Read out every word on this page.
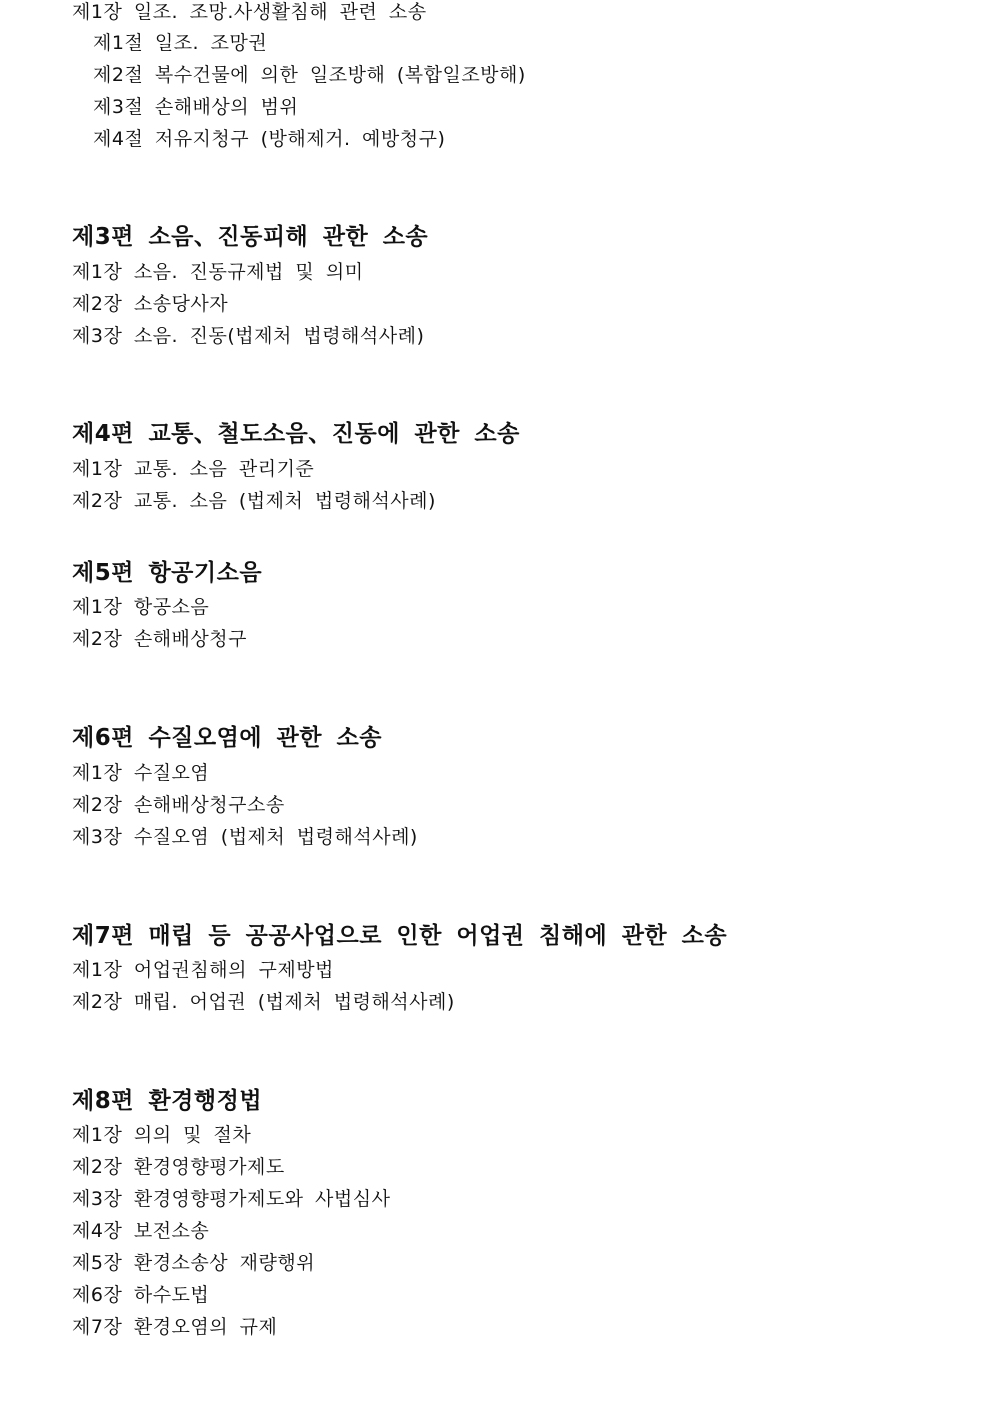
제1장 일조. 조망.사생활침해 관련 소송
제1절 일조. 조망권
제2절 복수건물에 의한 일조방해 (복합일조방해)
제3절 손해배상의 범위
제4절 저유지청구 (방해제거. 예방청구)
제3편 소음、진동피해 관한 소송
제1장 소음. 진동규제법 및 의미
제2장 소송당사자
제3장 소음. 진동(법제처 법령해석사례)
제4편 교통、철도소음、진동에 관한 소송
제1장 교통. 소음 관리기준
제2장 교통. 소음 (법제처 법령해석사례)
제5편 항공기소음
제1장 항공소음
제2장 손해배상청구
제6편 수질오염에 관한 소송
제1장 수질오염
제2장 손해배상청구소송
제3장 수질오염 (법제처 법령해석사례)
제7편 매립 등 공공사업으로 인한 어업권 침해에 관한 소송
제1장 어업권침해의 구제방법
제2장 매립. 어업권 (법제처 법령해석사례)
제8편 환경행정법
제1장 의의 및 절차
제2장 환경영향평가제도
제3장 환경영향평가제도와 사법심사
제4장 보전소송
제5장 환경소송상 재량행위
제6장 하수도법
제7장 환경오염의 규제
